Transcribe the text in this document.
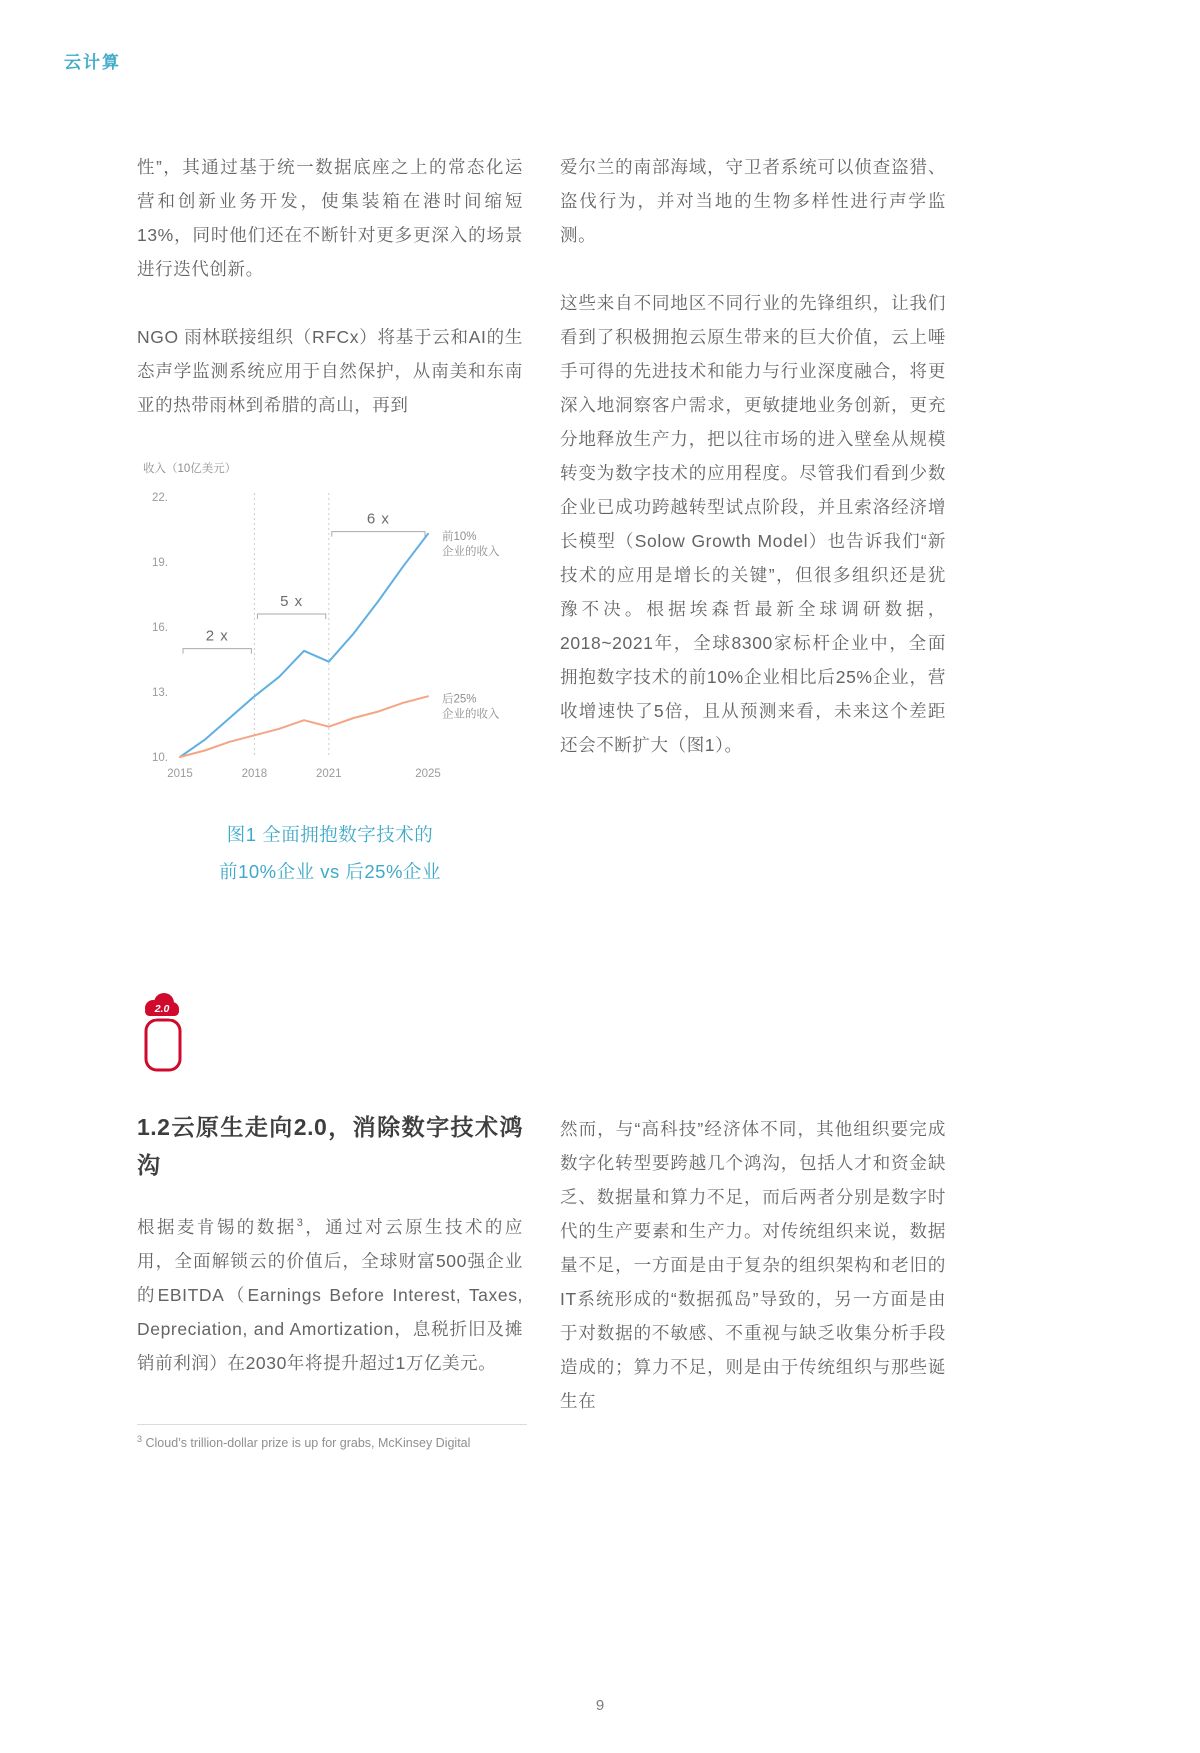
云计算

性”，其通过基于统一数据底座之上的常态化运营和创新业务开发，使集装箱在港时间缩短13%，同时他们还在不断针对更多更深入的场景进行迭代创新。

NGO 雨林联接组织（RFCx）将基于云和AI的生态声学监测系统应用于自然保护，从南美和东南亚的热带雨林到希腊的高山，再到

收入（10亿美元）
22.
19.
16.
13.
10.
2015	2018	2021	2025
2 x
5 x
6 x
前10%企业的收入
后25%企业的收入
图1 全面拥抱数字技术的
前10%企业 vs 后25%企业
2.0
1.2云原生走向2.0，消除数字技术鸿沟

根据麦肯锡的数据$^3$，通过对云原生技术的应用，全面解锁云的价值后，全球财富500强企业的EBITDA（Earnings Before Interest, Taxes, Depreciation, and Amortization，息税折旧及摊销前利润）在2030年将提升超过1万亿美元。

爱尔兰的南部海域，守卫者系统可以侦查盗猎、盗伐行为，并对当地的生物多样性进行声学监测。

这些来自不同地区不同行业的先锋组织，让我们看到了积极拥抱云原生带来的巨大价值，云上唾手可得的先进技术和能力与行业深度融合，将更深入地洞察客户需求，更敏捷地业务创新，更充分地释放生产力，把以往市场的进入壁垒从规模转变为数字技术的应用程度。尽管我们看到少数企业已成功跨越转型试点阶段，并且索洛经济增长模型（Solow Growth Model）也告诉我们“新技术的应用是增长的关键”，但很多组织还是犹豫不决。根据埃森哲最新全球调研数据，2018~2021年，全球8300家标杆企业中，全面拥抱数字技术的前10%企业相比后25%企业，营收增速快了5倍，且从预测来看，未来这个差距还会不断扩大（图1）。

然而，与“高科技”经济体不同，其他组织要完成数字化转型要跨越几个鸿沟，包括人才和资金缺乏、数据量和算力不足，而后两者分别是数字时代的生产要素和生产力。对传统组织来说，数据量不足，一方面是由于复杂的组织架构和老旧的IT系统形成的“数据孤岛”导致的，另一方面是由于对数据的不敏感、不重视与缺乏收集分析手段造成的；算力不足，则是由于传统组织与那些诞生在

$^3$ Cloud’s trillion-dollar prize is up for grabs, McKinsey Digital
9
